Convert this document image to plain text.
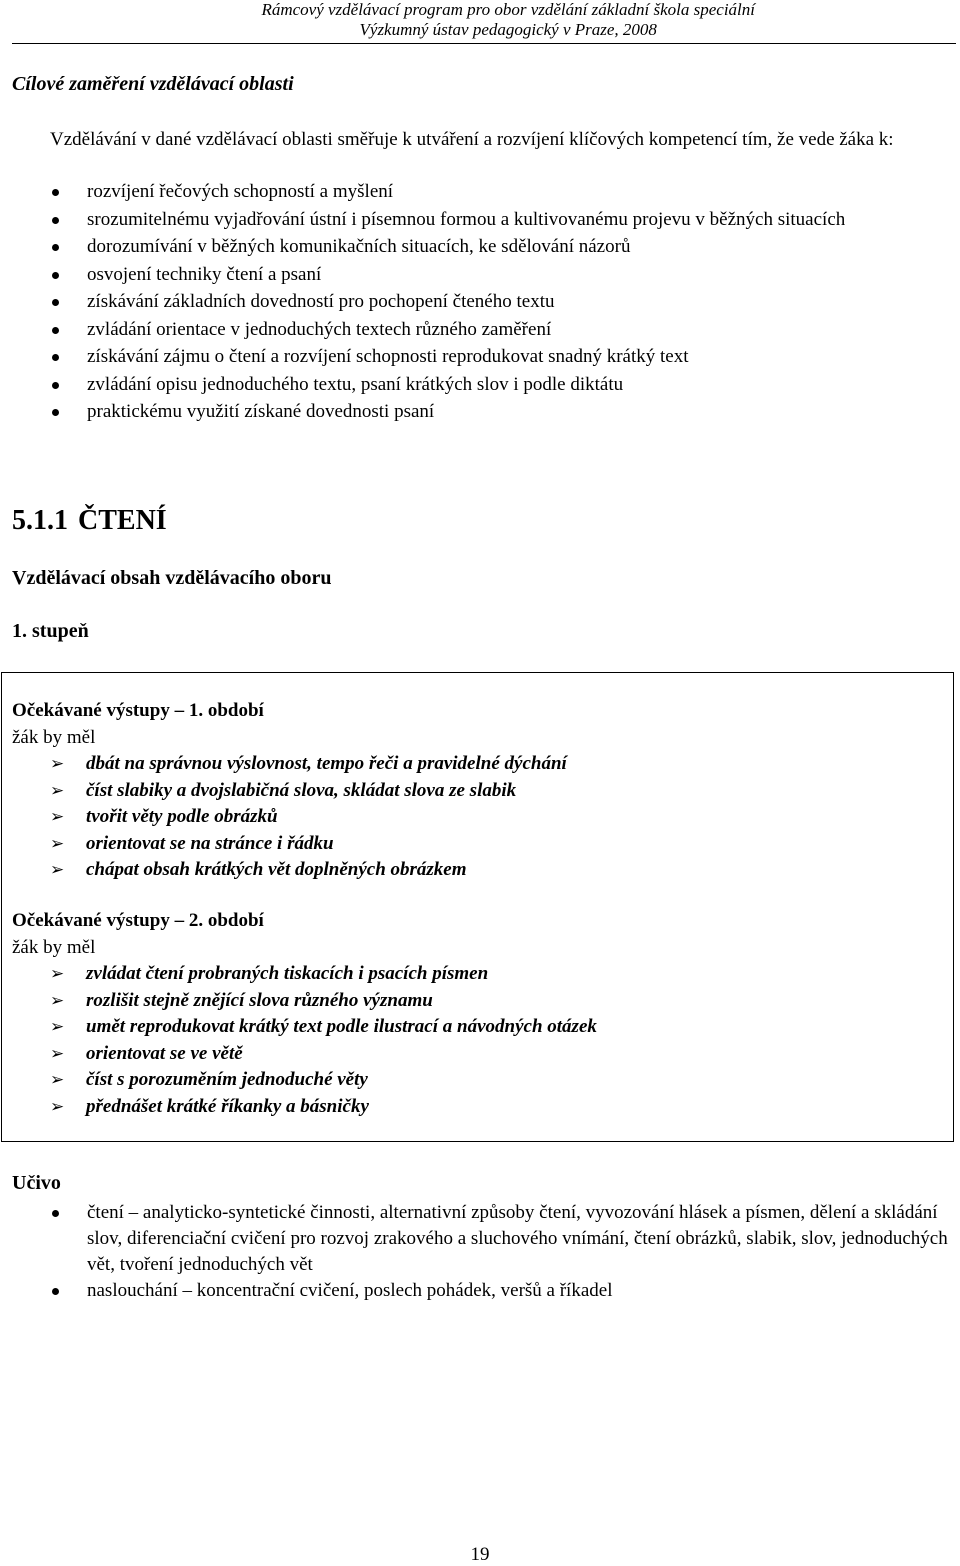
Rámcový vzdělávací program pro obor vzdělání základní škola speciální
Výzkumný ústav pedagogický v Praze, 2008
Cílové zaměření vzdělávací oblasti
Vzdělávání v dané vzdělávací oblasti směřuje k utváření a rozvíjení klíčových kompetencí tím, že vede žáka k:
rozvíjení řečových schopností a myšlení
srozumitelnému vyjadřování ústní i písemnou formou a kultivovanému projevu v běžných situacích
dorozumívání v běžných komunikačních situacích, ke sdělování názorů
osvojení techniky čtení a psaní
získávání základních dovedností pro pochopení čteného textu
zvládání orientace v jednoduchých textech různého zaměření
získávání zájmu o čtení a rozvíjení schopnosti reprodukovat snadný krátký text
zvládání opisu jednoduchého textu, psaní krátkých slov i podle diktátu
praktickému využití získané dovednosti psaní
5.1.1 ČTENÍ
Vzdělávací obsah vzdělávacího oboru
1. stupeň
Očekávané výstupy – 1. období
žák by měl
➢ dbát na správnou výslovnost, tempo řeči a pravidelné dýchání
➢ číst slabiky a dvojslabičná slova, skládat slova ze slabik
➢ tvořit věty podle obrázků
➢ orientovat se na stránce i řádku
➢ chápat obsah krátkých vět doplněných obrázkem
Očekávané výstupy – 2. období
žák by měl
➢ zvládat čtení probraných tiskacích i psacích písmen
➢ rozlišit stejně znějící slova různého významu
➢ umět reprodukovat krátký text podle ilustrací a návodných otázek
➢ orientovat se ve větě
➢ číst s porozuměním jednoduché věty
➢ přednášet krátké říkanky a básničky
Učivo
čtení – analyticko-syntetické činnosti, alternativní způsoby čtení, vyvozování hlásek a písmen, dělení a skládání slov, diferenciační cvičení pro rozvoj zrakového a sluchového vnímání, čtení obrázků, slabik, slov, jednoduchých vět, tvoření jednoduchých vět
naslouchání – koncentrační cvičení, poslech pohádek, veršů a říkadel
19
